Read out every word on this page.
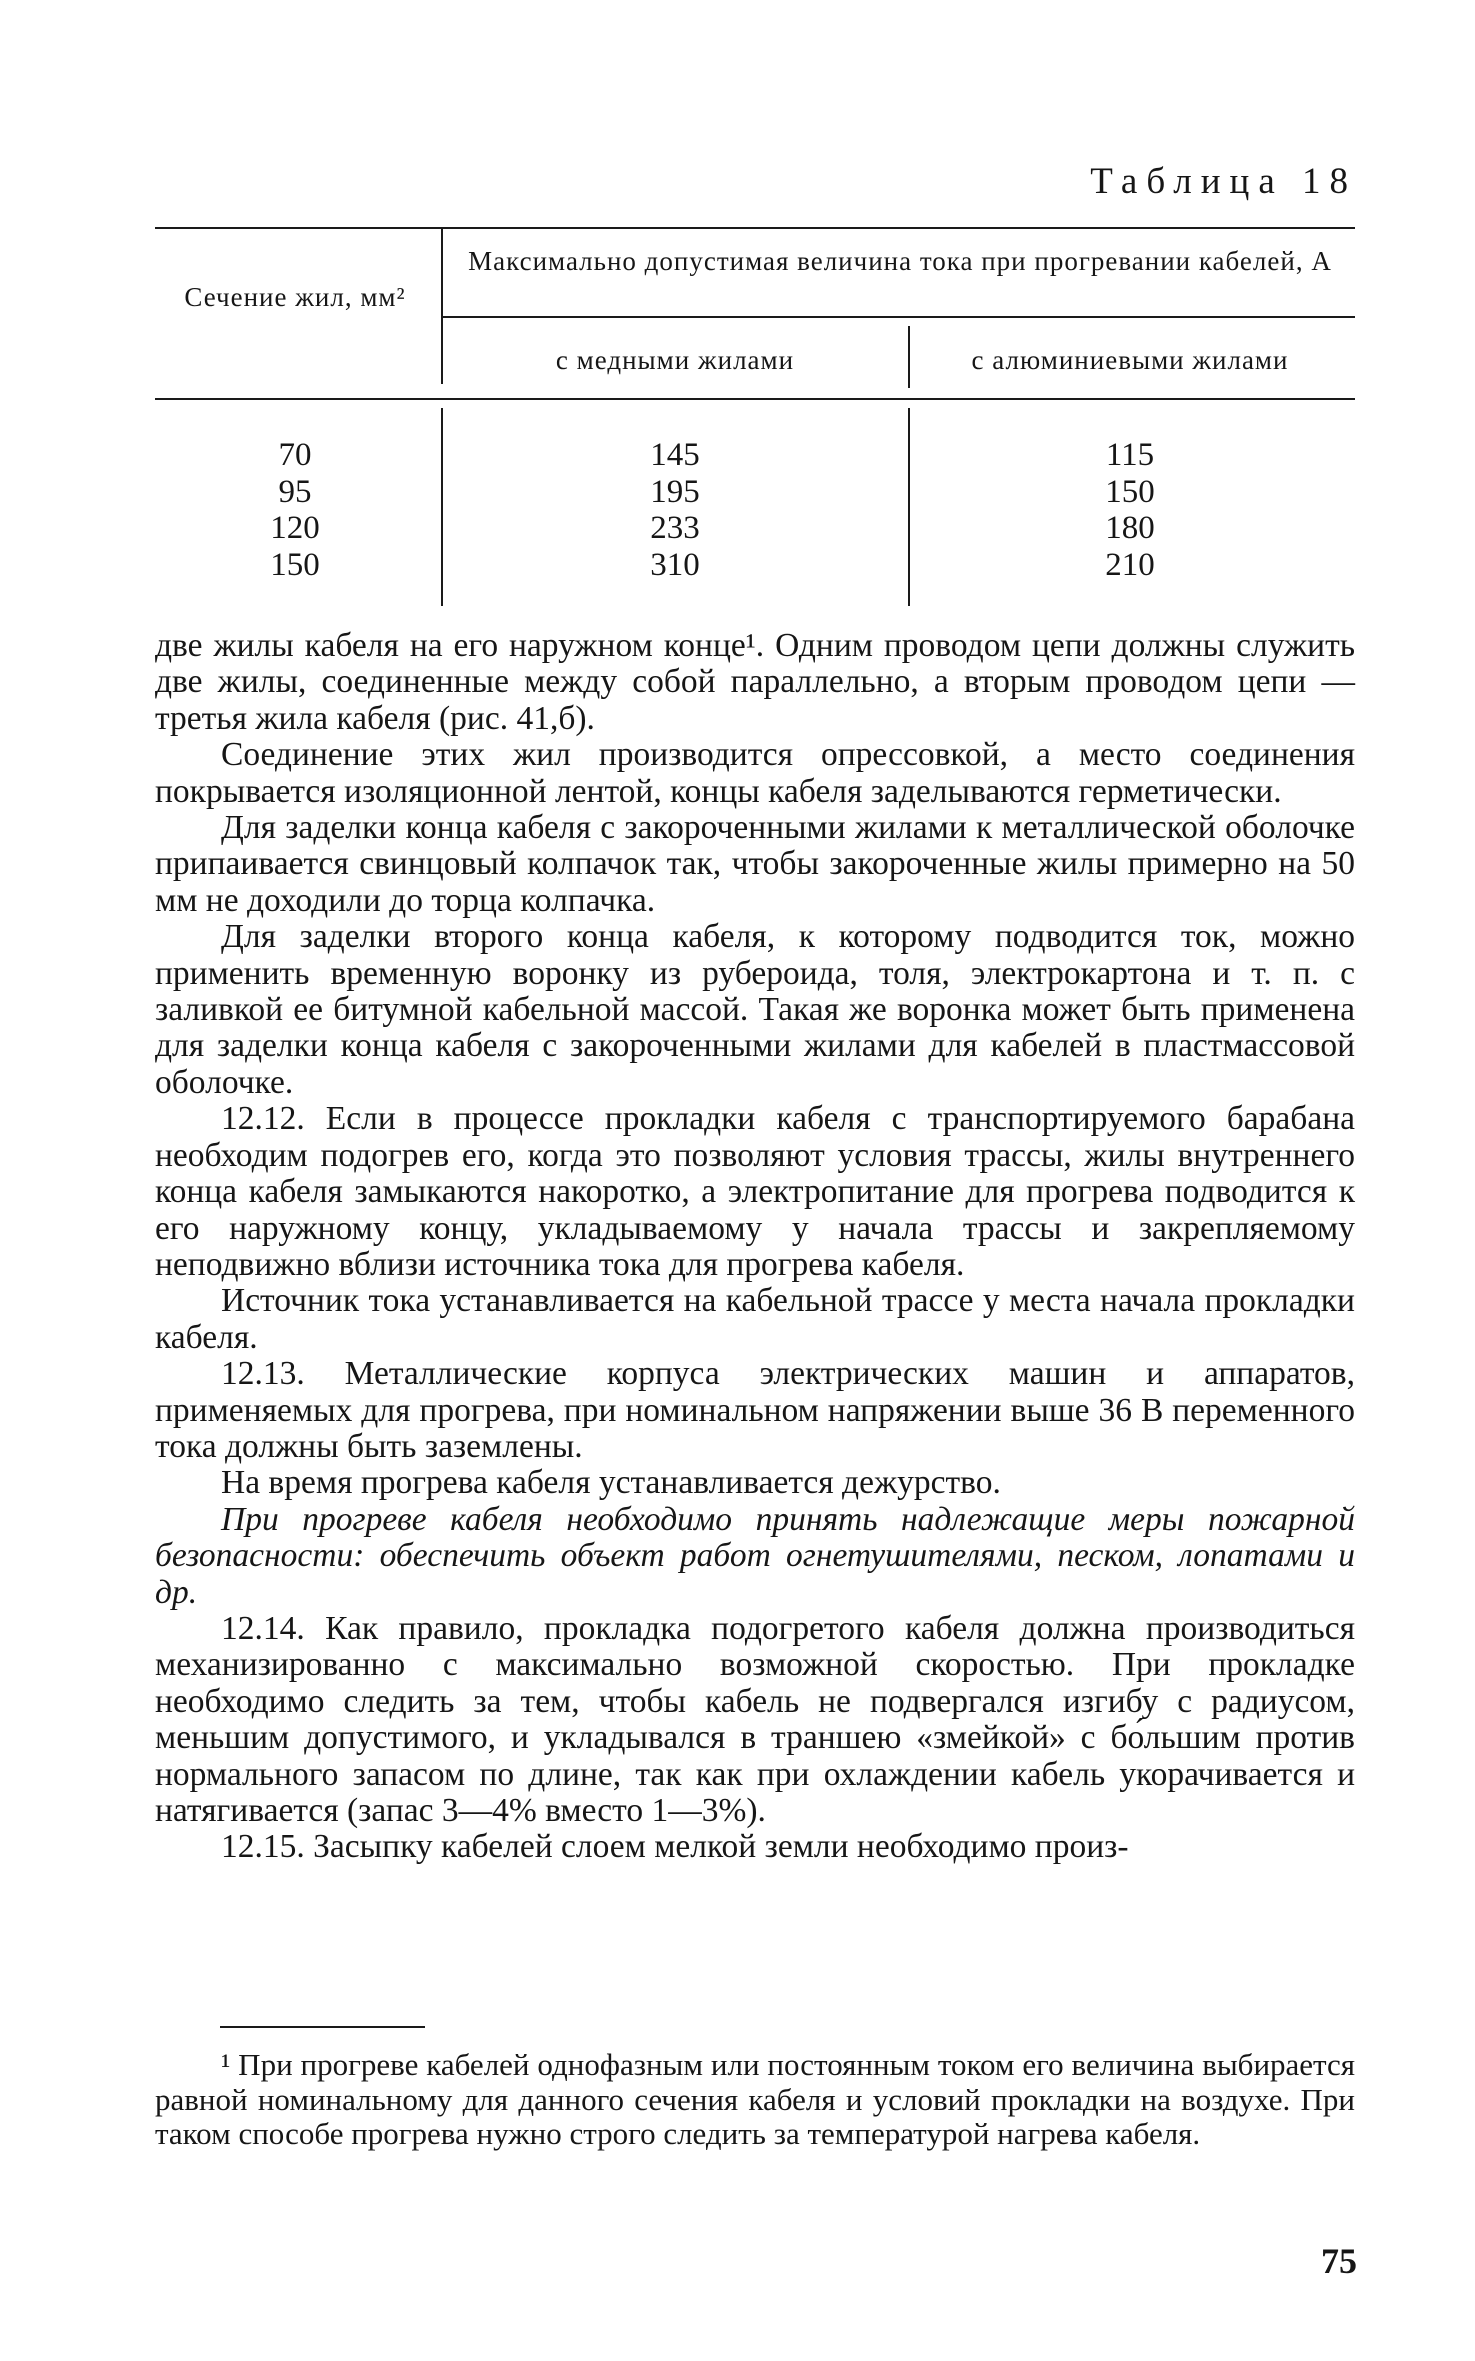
Таблица 18
Сечение жил, мм²
Максимально допустимая величина тока при прогревании кабелей, А
с медными жилами	с алюминиевыми жилами
70
95
120
150
145
195
233
310
115
150
180
210

две жилы кабеля на его наружном конце¹. Одним проводом цепи должны служить две жилы, соединенные между собой параллельно, а вторым проводом цепи — третья жила кабеля (рис. 41,б).

Соединение этих жил производится опрессовкой, а место соединения покрывается изоляционной лентой, концы кабеля заделываются герметически.

Для заделки конца кабеля с закороченными жилами к металлической оболочке припаивается свинцовый колпачок так, чтобы закороченные жилы примерно на 50 мм не доходили до торца колпачка.

Для заделки второго конца кабеля, к которому подводится ток, можно применить временную воронку из рубероида, толя, электрокартона и т. п. с заливкой ее битумной кабельной массой. Такая же воронка может быть применена для заделки конца кабеля с закороченными жилами для кабелей в пластмассовой оболочке.

12.12. Если в процессе прокладки кабеля с транспортируемого барабана необходим подогрев его, когда это позволяют условия трассы, жилы внутреннего конца кабеля замыкаются накоротко, а электропитание для прогрева подводится к его наружному концу, укладываемому у начала трассы и закрепляемому неподвижно вблизи источника тока для прогрева кабеля.

Источник тока устанавливается на кабельной трассе у места начала прокладки кабеля.

12.13. Металлические корпуса электрических машин и аппаратов, применяемых для прогрева, при номинальном напряжении выше 36 В переменного тока должны быть заземлены.

На время прогрева кабеля устанавливается дежурство.

При прогреве кабеля необходимо принять надлежащие меры пожарной безопасности: обеспечить объект работ огнетушителями, песком, лопатами и др.

12.14. Как правило, прокладка подогретого кабеля должна производиться механизированно с максимально возможной скоростью. При прокладке необходимо следить за тем, чтобы кабель не подвергался изгибу с радиусом, меньшим допустимого, и укладывался в траншею «змейкой» с бо́льшим против нормального запасом по длине, так как при охлаждении кабель укорачивается и натягивается (запас 3—4% вместо 1—3%).

12.15. Засыпку кабелей слоем мелкой земли необходимо произ-

¹ При прогреве кабелей однофазным или постоянным током его величина выбирается равной номинальному для данного сечения кабеля и условий прокладки на воздухе. При таком способе прогрева нужно строго следить за температурой нагрева кабеля.

75
